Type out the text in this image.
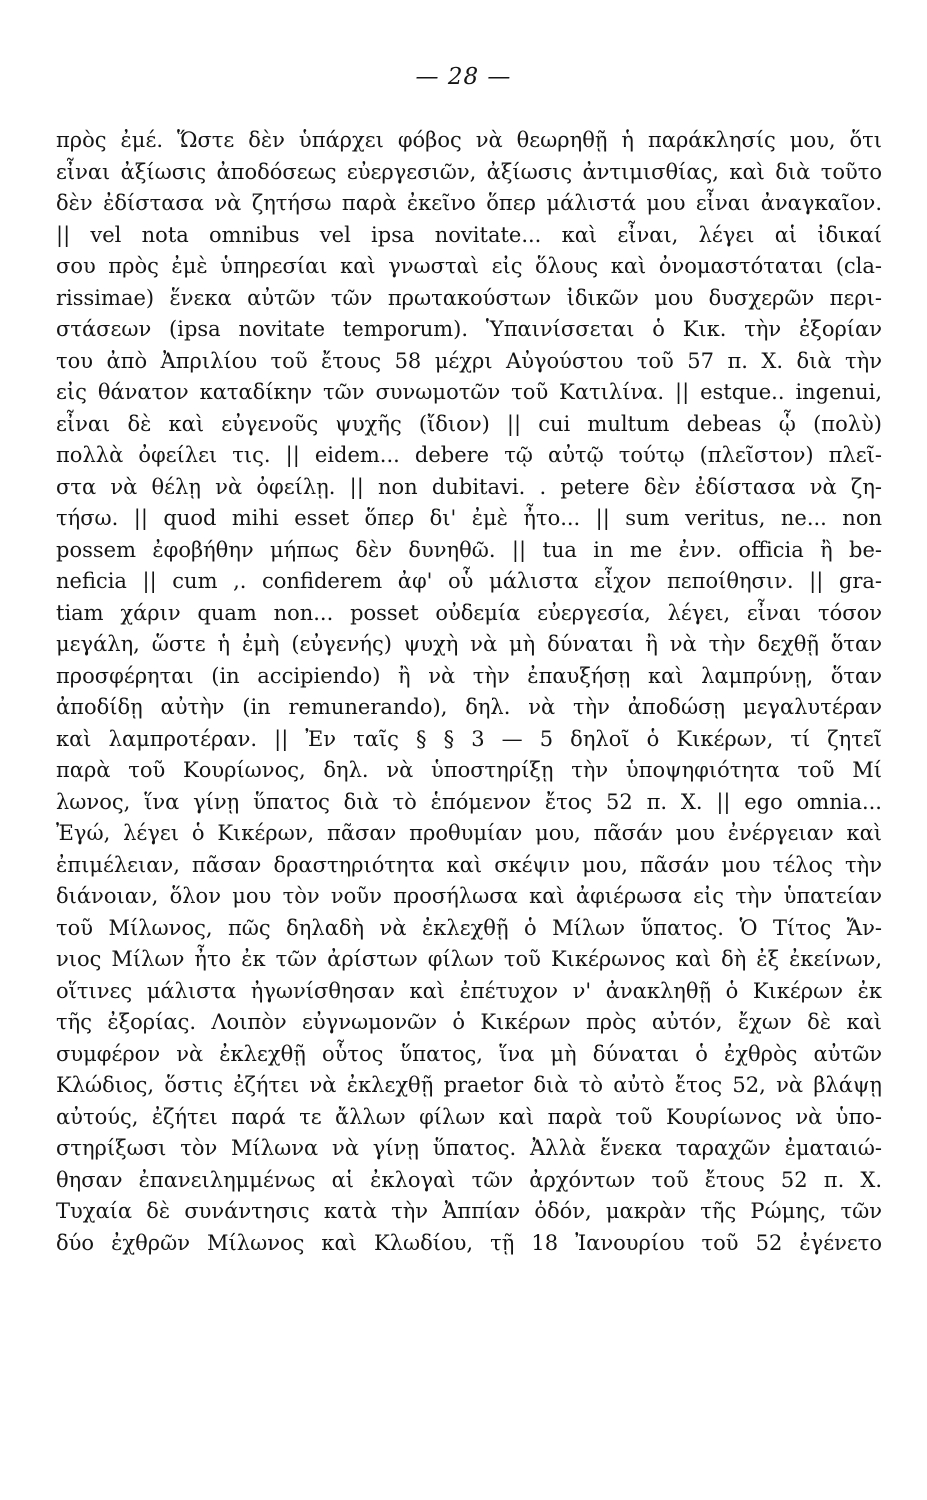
— 28 —
πρὸς ἐμέ. Ὥστε δὲν ὑπάρχει φόβος νὰ θεωρηθῇ ἡ παράκλησίς μου, ὅτι
εἶναι ἀξίωσις ἀποδόσεως εὐεργεσιῶν, ἀξίωσις ἀντιμισθίας, καὶ διὰ τοῦτο
δὲν ἐδίστασα νὰ ζητήσω παρὰ ἐκεῖνο ὅπερ μάλιστά μου εἶναι ἀναγκαῖον.
|| vel nota omnibus vel ipsa novitate... καὶ εἶναι, λέγει αἱ ἰδικαί
σου πρὸς ἐμὲ ὑπηρεσίαι καὶ γνωσταὶ εἰς ὅλους καὶ ὀνομαστόταται (cla-
rissimae) ἕνεκα αὐτῶν τῶν πρωτακούστων ἰδικῶν μου δυσχερῶν περι-
στάσεων (ipsa novitate temporum). Ὑπαινίσσεται ὁ Κικ. τὴν ἐξορίαν
του ἀπὸ Ἀπριλίου τοῦ ἔτους 58 μέχρι Αὐγούστου τοῦ 57 π. Χ. διὰ τὴν
εἰς θάνατον καταδίκην τῶν συνωμοτῶν τοῦ Κατιλίνα. || estque.. ingenui,
εἶναι δὲ καὶ εὐγενοῦς ψυχῆς (ἴδιον) || cui multum debeas ᾧ (πολὺ)
πολλὰ ὀφείλει τις. || eidem... debere τῷ αὐτῷ τούτῳ (πλεῖστον) πλεῖ-
στα νὰ θέλῃ νὰ ὀφείλῃ. || non dubitavi. . petere δὲν ἐδίστασα νὰ ζη-
τήσω. || quod mihi esset ὅπερ δι' ἐμὲ ἦτο... || sum veritus, ne... non
possem ἐφοβήθην μήπως δὲν δυνηθῶ. || tua in me ἐνν. officia ἢ be-
neficia || cum ,. confiderem ἀφ' οὗ μάλιστα εἶχον πεποίθησιν. || gra-
tiam χάριν quam non... posset οὐδεμία εὐεργεσία, λέγει, εἶναι τόσον
μεγάλη, ὥστε ἡ ἐμὴ (εὐγενής) ψυχὴ νὰ μὴ δύναται ἢ νὰ τὴν δεχθῇ ὅταν
προσφέρηται (in accipiendo) ἢ νὰ τὴν ἐπαυξήσῃ καὶ λαμπρύνῃ, ὅταν
ἀποδίδῃ αὐτὴν (in remunerando), δηλ. νὰ τὴν ἀποδώσῃ μεγαλυτέραν
καὶ λαμπροτέραν. || Ἐν ταῖς § § 3 — 5 δηλοῖ ὁ Κικέρων, τί ζητεῖ
παρὰ τοῦ Κουρίωνος, δηλ. νὰ ὑποστηρίξῃ τὴν ὑποψηφιότητα τοῦ Μί
λωνος, ἵνα γίνῃ ὕπατος διὰ τὸ ἑπόμενον ἔτος 52 π. Χ. || ego omnia...
Ἐγώ, λέγει ὁ Κικέρων, πᾶσαν προθυμίαν μου, πᾶσάν μου ἐνέργειαν καὶ
ἐπιμέλειαν, πᾶσαν δραστηριότητα καὶ σκέψιν μου, πᾶσάν μου τέλος τὴν
διάνοιαν, ὅλον μου τὸν νοῦν προσήλωσα καὶ ἀφιέρωσα εἰς τὴν ὑπατείαν
τοῦ Μίλωνος, πῶς δηλαδὴ νὰ ἐκλεχθῇ ὁ Μίλων ὕπατος. Ὁ Τίτος Ἄν-
νιος Μίλων ἦτο ἐκ τῶν ἀρίστων φίλων τοῦ Κικέρωνος καὶ δὴ ἐξ ἐκείνων,
οἵτινες μάλιστα ἠγωνίσθησαν καὶ ἐπέτυχον ν' ἀνακληθῇ ὁ Κικέρων ἐκ
τῆς ἐξορίας. Λοιπὸν εὐγνωμονῶν ὁ Κικέρων πρὸς αὐτόν, ἔχων δὲ καὶ
συμφέρον νὰ ἐκλεχθῇ οὗτος ὕπατος, ἵνα μὴ δύναται ὁ ἐχθρὸς αὐτῶν
Κλώδιος, ὅστις ἐζήτει νὰ ἐκλεχθῇ praetor διὰ τὸ αὐτὸ ἔτος 52, νὰ βλάψῃ
αὐτούς, ἐζήτει παρά τε ἄλλων φίλων καὶ παρὰ τοῦ Κουρίωνος νὰ ὑπο-
στηρίξωσι τὸν Μίλωνα νὰ γίνῃ ὕπατος. Ἀλλὰ ἕνεκα ταραχῶν ἐματαιώ-
θησαν ἐπανειλημμένως αἱ ἐκλογαὶ τῶν ἀρχόντων τοῦ ἔτους 52 π. Χ.
Τυχαία δὲ συνάντησις κατὰ τὴν Ἀππίαν ὁδόν, μακρὰν τῆς Ρώμης, τῶν
δύο ἐχθρῶν Μίλωνος καὶ Κλωδίου, τῇ 18 Ἰανουρίου τοῦ 52 ἐγένετο
